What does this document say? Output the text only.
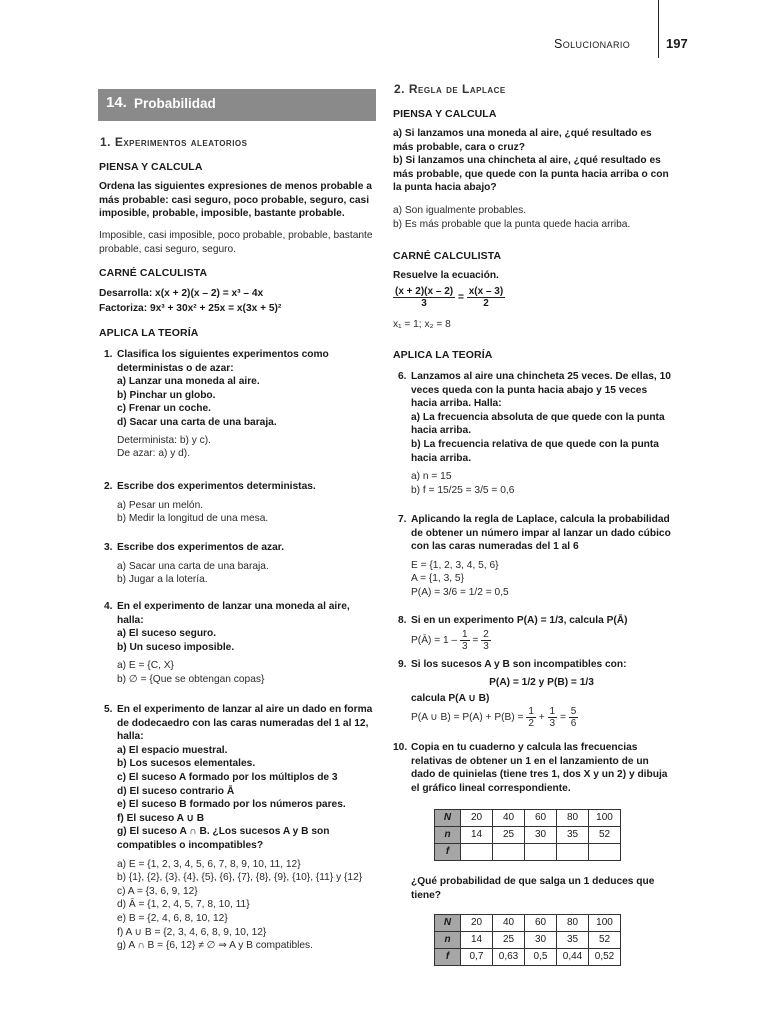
Solucionario	197
14. Probabilidad
1. Experimentos aleatorios
PIENSA Y CALCULA
Ordena las siguientes expresiones de menos probable a más probable: casi seguro, poco probable, seguro, casi imposible, probable, imposible, bastante probable.
Imposible, casi imposible, poco probable, probable, bastante probable, casi seguro, seguro.
CARNÉ CALCULISTA
Desarrolla: x(x + 2)(x – 2) = x³ – 4x
Factoriza: 9x³ + 30x² + 25x = x(3x + 5)²
APLICA LA TEORÍA
1. Clasifica los siguientes experimentos como deterministas o de azar:
a) Lanzar una moneda al aire.
b) Pinchar un globo.
c) Frenar un coche.
d) Sacar una carta de una baraja.
Determinista: b) y c).
De azar: a) y d).
2. Escribe dos experimentos deterministas.
a) Pesar un melón.
b) Medir la longitud de una mesa.
3. Escribe dos experimentos de azar.
a) Sacar una carta de una baraja.
b) Jugar a la lotería.
4. En el experimento de lanzar una moneda al aire, halla:
a) El suceso seguro.
b) Un suceso imposible.
a) E = {C, X}
b) ∅ = {Que se obtengan copas}
5. En el experimento de lanzar al aire un dado en forma de dodecaedro con las caras numeradas del 1 al 12, halla:
a) El espacio muestral.
b) Los sucesos elementales.
c) El suceso A formado por los múltiplos de 3
d) El suceso contrario Ā
e) El suceso B formado por los números pares.
f) El suceso A ∪ B
g) El suceso A ∩ B. ¿Los sucesos A y B son compatibles o incompatibles?
a) E = {1, 2, 3, 4, 5, 6, 7, 8, 9, 10, 11, 12}
b) {1}, {2}, {3}, {4}, {5}, {6}, {7}, {8}, {9}, {10}, {11} y {12}
c) A = {3, 6, 9, 12}
d) Ā = {1, 2, 4, 5, 7, 8, 10, 11}
e) B = {2, 4, 6, 8, 10, 12}
f) A ∪ B = {2, 3, 4, 6, 8, 9, 10, 12}
g) A ∩ B = {6, 12} ≠ ∅ ⇒ A y B compatibles.
2. Regla de Laplace
PIENSA Y CALCULA
a) Si lanzamos una moneda al aire, ¿qué resultado es más probable, cara o cruz?
b) Si lanzamos una chincheta al aire, ¿qué resultado es más probable, que quede con la punta hacia arriba o con la punta hacia abajo?
a) Son igualmente probables.
b) Es más probable que la punta quede hacia arriba.
CARNÉ CALCULISTA
Resuelve la ecuación.
$\frac{(x + 2)(x - 2)}{3} = \frac{x(x - 3)}{2}$
x₁ = 1; x₂ = 8
APLICA LA TEORÍA
6. Lanzamos al aire una chincheta 25 veces. De ellas, 10 veces queda con la punta hacia abajo y 15 veces hacia arriba. Halla:
a) La frecuencia absoluta de que quede con la punta hacia arriba.
b) La frecuencia relativa de que quede con la punta hacia arriba.
a) n = 15
b) f = 15/25 = 3/5 = 0,6
7. Aplicando la regla de Laplace, calcula la probabilidad de obtener un número impar al lanzar un dado cúbico con las caras numeradas del 1 al 6
E = {1, 2, 3, 4, 5, 6}
A = {1, 3, 5}
P(A) = 3/6 = 1/2 = 0,5
8. Si en un experimento P(A) = 1/3, calcula P(Ā)
P(Ā) = $1 - \frac{1}{3} = \frac{2}{3}$
9. Si los sucesos A y B son incompatibles con:
P(A) = 1/2 y P(B) = 1/3
calcula P(A ∪ B)
P(A ∪ $B) = P(A) + P(B) = \frac{1}{2} + \frac{1}{3} = \frac{5}{6}$
10. Copia en tu cuaderno y calcula las frecuencias relativas de obtener un 1 en el lanzamiento de un dado de quinielas (tiene tres 1, dos X y un 2) y dibuja el gráfico lineal correspondiente.
N	20	40	60	80	100
n	14	25	30	35	52
f					
¿Qué probabilidad de que salga un 1 deduces que tiene?
N	20	40	60	80	100
n	14	25	30	35	52
f	0,7	0,63	0,5	0,44	0,52
